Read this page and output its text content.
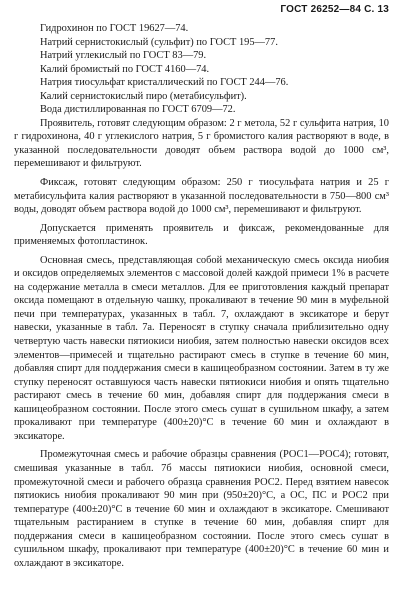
ГОСТ 26252—84 С. 13

Гидрохинон по ГОСТ 19627—74.

Натрий сернистокислый (сульфит) по ГОСТ 195—77.

Натрий углекислый по ГОСТ 83—79.

Калий бромистый по ГОСТ 4160—74.

Натрия тиосульфат кристаллический по ГОСТ 244—76.

Калий сернистокислый пиро (метабисульфит).

Вода дистиллированная по ГОСТ 6709—72.

Проявитель, готовят следующим образом: 2 г метола, 52 г сульфита натрия, 10 г гидрохинона, 40 г углекислого натрия, 5 г бромистого калия растворяют в воде, в указанной последовательности доводят объем раствора водой до 1000 см³, перемешивают и фильтруют.

Фиксаж, готовят следующим образом: 250 г тиосульфата натрия и 25 г метабисульфита калия растворяют в указанной последовательности в 750—800 см³ воды, доводят объем раствора водой до 1000 см³, перемешивают и фильтруют.

Допускается применять проявитель и фиксаж, рекомендованные для применяемых фотопластинок.

Основная смесь, представляющая собой механическую смесь оксида ниобия и оксидов определяемых элементов с массовой долей каждой примеси 1% в расчете на содержание металла в смеси металлов. Для ее приготовления каждый препарат оксида помещают в отдельную чашку, прокаливают в течение 90 мин в муфельной печи при температурах, указанных в табл. 7, охлаждают в эксикаторе и берут навески, указанные в табл. 7а. Переносят в ступку сначала приблизительно одну четвертую часть навески пятиокиси ниобия, затем полностью навески оксидов всех элементов—примесей и тщательно растирают смесь в ступке в течение 60 мин, добавляя спирт для поддержания смеси в кашицеобразном состоянии. Затем в ту же ступку переносят оставшуюся часть навески пятиокиси ниобия и опять тщательно растирают смесь в течение 60 мин, добавляя спирт для поддержания смеси в кашицеобразном состоянии. После этого смесь сушат в сушильном шкафу, а затем прокаливают при температуре (400±20)°С в течение 60 мин и охлаждают в эксикаторе.

Промежуточная смесь и рабочие образцы сравнения (РОС1—РОС4); готовят, смешивая указанные в табл. 7б массы пятиокиси ниобия, основной смеси, промежуточной смеси и рабочего образца сравнения РОС2. Перед взятием навесок пятиокись ниобия прокаливают 90 мин при (950±20)°С, а ОС, ПС и РОС2 при температуре (400±20)°С в течение 60 мин и охлаждают в эксикаторе. Смешивают тщательным растиранием в ступке в течение 60 мин, добавляя спирт для поддержания смеси в кашицеобразном состоянии. После этого смесь сушат в сушильном шкафу, прокаливают при температуре (400±20)°С в течение 60 мин и охлаждают в эксикаторе.
